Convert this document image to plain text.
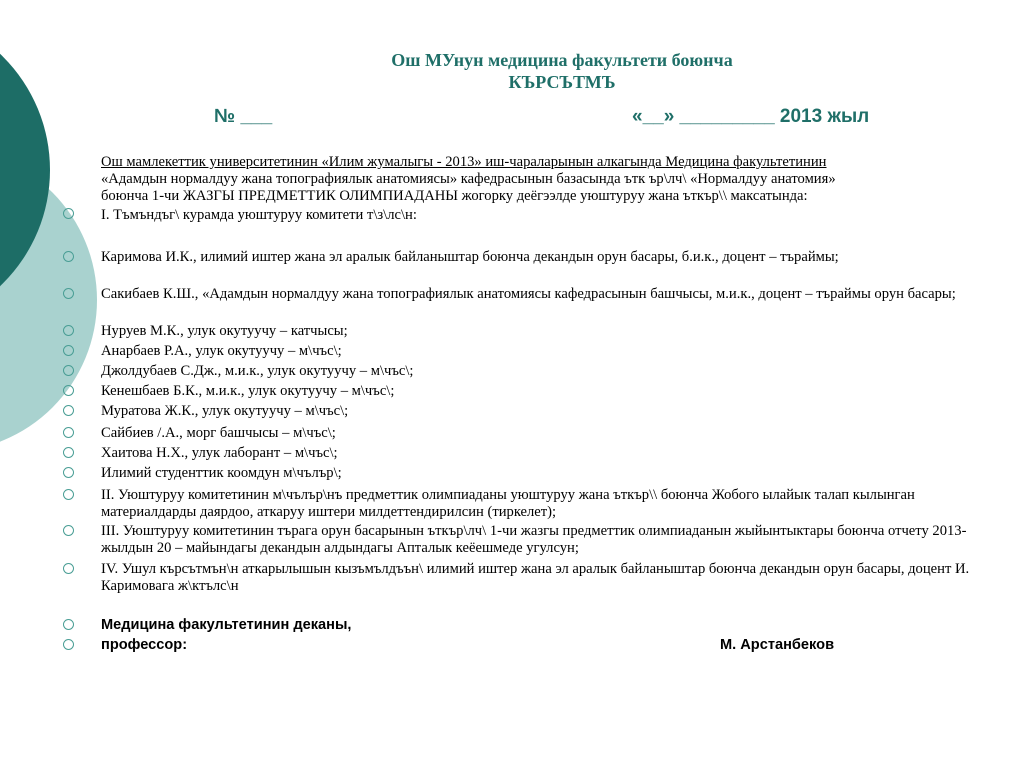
Ош МУнун медицина факультети боюнча
КЪРСЪТМЪ
№ ___	«__» _________ 2013 жыл
Ош мамлекеттик университетинин «Илим жумалыгы - 2013» иш-чараларынын алкагында Медицина факультетинин
«Адамдын нормалдуу жана топографиялык анатомиясы» кафедрасынын базасында ътк ър\лч\ «Нормалдуу анатомия»
боюнча 1-чи ЖАЗГЫ ПРЕДМЕТТИК ОЛИМПИАДАНЫ жогорку деёгээлде уюштуруу жана ъткър\\ максатында:
I. Тъмъндъг\ курамда уюштуруу комитети т\з\лс\н:
Каримова И.К., илимий иштер жана эл аралык байланыштар боюнча декандын орун басары, б.и.к., доцент – търаймы;
Сакибаев К.Ш., «Адамдын нормалдуу жана топографиялык анатомиясы кафедрасынын башчысы, м.и.к., доцент – търаймы орун басары;
Нуруев М.К., улук окутуучу – катчысы;
Анарбаев Р.А., улук окутуучу – м\чъс\;
Джолдубаев С.Дж., м.и.к., улук окутуучу – м\чъс\;
Кенешбаев Б.К., м.и.к., улук окутуучу – м\чъс\;
Муратова Ж.К., улук окутуучу – м\чъс\;
Сайбиев /.А., морг башчысы – м\чъс\;
Хаитова Н.Х., улук лаборант – м\чъс\;
Илимий студенттик коомдун м\чълър\;
II. Уюштуруу комитетинин м\чълър\нъ предметтик олимпиаданы уюштуруу жана ъткър\\ боюнча Жобого ылайык талап кылынган материалдарды даярдоо, аткаруу иштери милдеттендирилсин (тиркелет);
III. Уюштуруу комитетинин търага орун басарынын ъткър\лч\ 1-чи жазгы предметтик олимпиаданын жыйынтыктары боюнча отчету 2013-жылдын 20 – майындагы декандын алдындагы Апталык кеёешмеде угулсун;
IV. Ушул кърсътмън\н аткарылышын кызъмълдъън\ илимий иштер жана эл аралык байланыштар боюнча декандын орун басары, доцент И. Каримовага ж\ктълс\н
Медицина факультетинин деканы,
профессор:	М. Арстанбеков
